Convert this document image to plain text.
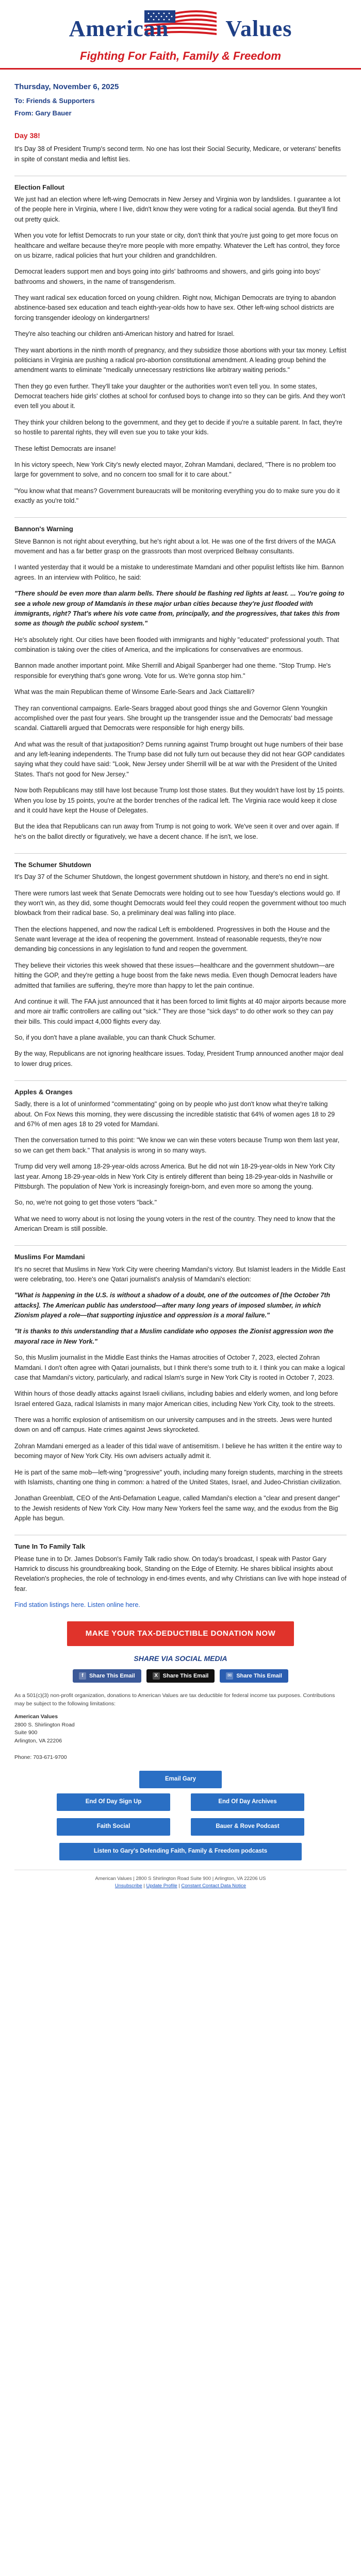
American	Values
Fighting For Faith, Family & Freedom
Thursday, November 6, 2025
To: Friends & Supporters
From: Gary Bauer
Day 38!

It's Day 38 of President Trump's second term. No one has lost their Social Security, Medicare, or veterans' benefits in spite of constant media and leftist lies.

Election Fallout

We just had an election where left-wing Democrats in New Jersey and Virginia won by landslides. I guarantee a lot of the people here in Virginia, where I live, didn't know they were voting for a radical social agenda. But they'll find out pretty quick.

When you vote for leftist Democrats to run your state or city, don't think that you're just going to get more focus on healthcare and welfare because they're more people with more empathy. Whatever the Left has control, they force on us bizarre, radical policies that hurt your children and grandchildren.

Democrat leaders support men and boys going into girls' bathrooms and showers, and girls going into boys' bathrooms and showers, in the name of transgenderism.

They want radical sex education forced on young children. Right now, Michigan Democrats are trying to abandon abstinence-based sex education and teach eighth-year-olds how to have sex. Other left-wing school districts are forcing transgender ideology on kindergartners!

They're also teaching our children anti-American history and hatred for Israel.

They want abortions in the ninth month of pregnancy, and they subsidize those abortions with your tax money. Leftist politicians in Virginia are pushing a radical pro-abortion constitutional amendment. A leading group behind the amendment wants to eliminate "medically unnecessary restrictions like arbitrary waiting periods."

Then they go even further. They'll take your daughter or the authorities won't even tell you. In some states, Democrat teachers hide girls' clothes at school for confused boys to change into so they can be girls. And they won't even tell you about it.

They think your children belong to the government, and they get to decide if you're a suitable parent. In fact, they're so hostile to parental rights, they will even sue you to take your kids.

These leftist Democrats are insane!

In his victory speech, New York City's newly elected mayor, Zohran Mamdani, declared, "There is no problem too large for government to solve, and no concern too small for it to care about."

"You know what that means? Government bureaucrats will be monitoring everything you do to make sure you do it exactly as you're told."

Bannon's Warning

Steve Bannon is not right about everything, but he's right about a lot. He was one of the first drivers of the MAGA movement and has a far better grasp on the grassroots than most overpriced Beltway consultants.

I wanted yesterday that it would be a mistake to underestimate Mamdani and other populist leftists like him. Bannon agrees. In an interview with Politico, he said:

"There should be even more than alarm bells. There should be flashing red lights at least. ... You're going to see a whole new group of Mamdanis in these major urban cities because they're just flooded with immigrants, right? That's where his vote came from, principally, and the progressives, that takes this from some as though the public school system."

He's absolutely right. Our cities have been flooded with immigrants and highly "educated" professional youth. That combination is taking over the cities of America, and the implications for conservatives are enormous.

Bannon made another important point. Mike Sherrill and Abigail Spanberger had one theme. "Stop Trump. He's responsible for everything that's gone wrong. Vote for us. We're gonna stop him."

What was the main Republican theme of Winsome Earle-Sears and Jack Ciattarelli?

They ran conventional campaigns. Earle-Sears bragged about good things she and Governor Glenn Youngkin accomplished over the past four years. She brought up the transgender issue and the Democrats' bad message scandal. Ciattarelli argued that Democrats were responsible for high energy bills.

And what was the result of that juxtaposition? Dems running against Trump brought out huge numbers of their base and any left-leaning independents. The Trump base did not fully turn out because they did not hear GOP candidates saying what they could have said: "Look, New Jersey under Sherrill will be at war with the President of the United States. That's not good for New Jersey."

Now both Republicans may still have lost because Trump lost those states. But they wouldn't have lost by 15 points. When you lose by 15 points, you're at the border trenches of the radical left. The Virginia race would keep it close and it could have kept the House of Delegates.

But the idea that Republicans can run away from Trump is not going to work. We've seen it over and over again. If he's on the ballot directly or figuratively, we have a decent chance. If he isn't, we lose.

The Schumer Shutdown

It's Day 37 of the Schumer Shutdown, the longest government shutdown in history, and there's no end in sight.

There were rumors last week that Senate Democrats were holding out to see how Tuesday's elections would go. If they won't win, as they did, some thought Democrats would feel they could reopen the government without too much blowback from their radical base. So, a preliminary deal was falling into place.

Then the elections happened, and now the radical Left is emboldened. Progressives in both the House and the Senate want leverage at the idea of reopening the government. Instead of reasonable requests, they're now demanding big concessions in any legislation to fund and reopen the government.

They believe their victories this week showed that these issues—healthcare and the government shutdown—are hitting the GOP, and they're getting a huge boost from the fake news media. Even though Democrat leaders have admitted that families are suffering, they're more than happy to let the pain continue.

And continue it will. The FAA just announced that it has been forced to limit flights at 40 major airports because more and more air traffic controllers are calling out "sick." They are those "sick days" to do other work so they can pay their bills. This could impact 4,000 flights every day.

So, if you don't have a plane available, you can thank Chuck Schumer.

By the way, Republicans are not ignoring healthcare issues. Today, President Trump announced another major deal to lower drug prices.

Apples & Oranges

Sadly, there is a lot of uninformed "commentating" going on by people who just don't know what they're talking about. On Fox News this morning, they were discussing the incredible statistic that 64% of women ages 18 to 29 and 67% of men ages 18 to 29 voted for Mamdani.

Then the conversation turned to this point: "We know we can win these voters because Trump won them last year, so we can get them back." That analysis is wrong in so many ways.

Trump did very well among 18-29-year-olds across America. But he did not win 18-29-year-olds in New York City last year. Among 18-29-year-olds in New York City is entirely different than being 18-29-year-olds in Nashville or Pittsburgh. The population of New York is increasingly foreign-born, and even more so among the young.

So, no, we're not going to get those voters "back."

What we need to worry about is not losing the young voters in the rest of the country. They need to know that the American Dream is still possible.

Muslims For Mamdani

It's no secret that Muslims in New York City were cheering Mamdani's victory. But Islamist leaders in the Middle East were celebrating, too. Here's one Qatari journalist's analysis of Mamdani's election:

"What is happening in the U.S. is without a shadow of a doubt, one of the outcomes of [the October 7th attacks]. The American public has understood—after many long years of imposed slumber, in which Zionism played a role—that supporting injustice and oppression is a moral failure."

"It is thanks to this understanding that a Muslim candidate who opposes the Zionist aggression won the mayoral race in New York."

So, this Muslim journalist in the Middle East thinks the Hamas atrocities of October 7, 2023, elected Zohran Mamdani. I don't often agree with Qatari journalists, but I think there's some truth to it. I think you can make a logical case that Mamdani's victory, particularly, and radical Islam's surge in New York City is rooted in October 7, 2023.

Within hours of those deadly attacks against Israeli civilians, including babies and elderly women, and long before Israel entered Gaza, radical Islamists in many major American cities, including New York City, took to the streets.

There was a horrific explosion of antisemitism on our university campuses and in the streets. Jews were hunted down on and off campus. Hate crimes against Jews skyrocketed.

Zohran Mamdani emerged as a leader of this tidal wave of antisemitism. I believe he has written it the entire way to becoming mayor of New York City. His own advisers actually admit it.

He is part of the same mob—left-wing "progressive" youth, including many foreign students, marching in the streets with Islamists, chanting one thing in common: a hatred of the United States, Israel, and Judeo-Christian civilization.

Jonathan Greenblatt, CEO of the Anti-Defamation League, called Mamdani's election a "clear and present danger" to the Jewish residents of New York City. How many New Yorkers feel the same way, and the exodus from the Big Apple has begun.

Tune In To Family Talk

Please tune in to Dr. James Dobson's Family Talk radio show. On today's broadcast, I speak with Pastor Gary Hamrick to discuss his groundbreaking book, Standing on the Edge of Eternity. He shares biblical insights about Revelation's prophecies, the role of technology in end-times events, and why Christians can live with hope instead of fear.

Find station listings here. Listen online here.

MAKE YOUR TAX-DEDUCTIBLE DONATION NOW
SHARE VIA SOCIAL MEDIA
f	Share This Email	X Share This Email	✉ Share This Email
As a 501(c)(3) non-profit organization, donations to American Values are tax deductible for federal income tax purposes. Contributions may be subject to the following limitations:
American Values
2800 S. Shirlington Road
Suite 900
Arlington, VA 22206

Phone: 703-671-9700
Email Gary
End Of Day Sign Up	End Of Day Archives
Faith Social	Bauer & Rove Podcast
Listen to Gary's Defending Faith, Family & Freedom podcasts
American Values | 2800 S Shirlington Road Suite 900 | Arlington, VA 22206 US
Unsubscribe | Update Profile | Constant Contact Data Notice
